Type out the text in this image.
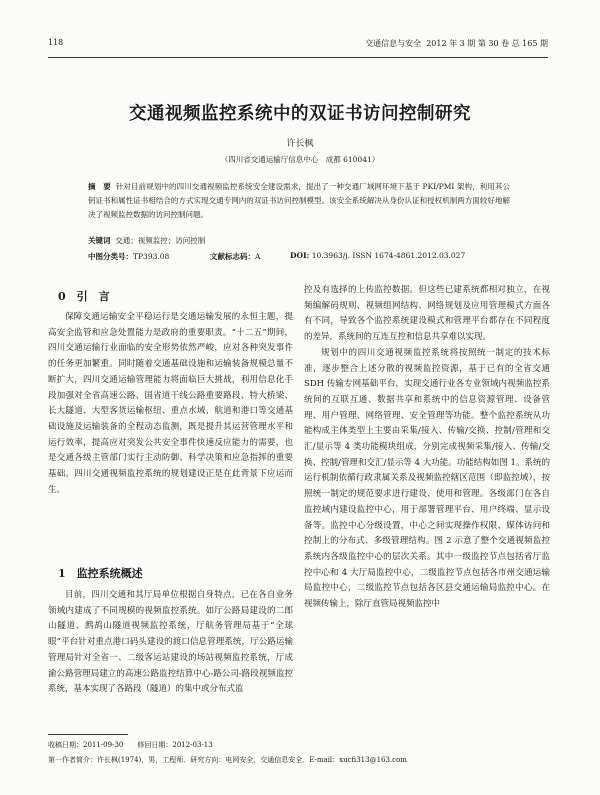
118	交通信息与安全 2012 年 3 期 第 30 卷 总 165 期
交通视频监控系统中的双证书访问控制研究
许长枫
（四川省交通运输厅信息中心　成都 610041）
摘　要 针对目前规划中的四川交通视频监控系统安全建设需求，提出了一种交通厂域网环境下基于 PKI/PMI 架构，利用其公钥证书和属性证书相结合的方式实现交通专网内的双证书访问控制模型。该安全系统解决从身份认证和授权机制两方面较好地解决了视频监控数据的访问控制问题。
关键词 交通；视频监控；访问控制
中图分类号：TP393.08	文献标志码：A	DOI: 10.3963/j. ISSN 1674-4861.2012.03.027
0　引　言
保障交通运输安全平稳运行是交通运输发展的永恒主题，提高安全监管和应急处置能力是政府的重要职责。“十二五”期间，四川交通运输行业面临的安全形势依然严峻，应对各种突发事件的任务更加繁重。同时随着交通基础设施和运输装备规模总量不断扩大，四川交通运输管理能力将面临巨大挑战，利用信息化手段加强对全省高速公路、国省道干线公路重要路段、特大桥梁、长大隧道、大型客货运输枢纽、重点水域、航道和港口等交通基础设施及运输装备的全程动态监测，既是提升其运营管理水平和运行效率，提高应对突发公共安全事件快速反应能力的需要，也是交通各级主管部门实行主动防御、科学决策和应急指挥的重要基础。四川交通视频监控系统的规划建设正是在此背景下应运而生。
1　监控系统概述
目前，四川交通和其厅局单位根据自身特点，已在各自业务领域内建成了不同规模的视频监控系统。如厅公路局建设的二郎山隧道、鹧鸪山隧道视频监控系统，厅航务管理局基于“全球眼”平台针对重点港口码头建设的渡口信息管理系统，厅公路运输管理局针对全省一、二级客运站建设的场站视频监控系统，厅成渝公路管理局建立的高速公路监控结算中心-路公司-路段视频监控系统，基本实现了各路段（隧道）的集中或分布式监
控及有选择的上传监控数据。但这些已建系统都相对独立，在视频编解码规则、视频组网结构、网络规划及应用管理模式方面各有不同，导致各个监控系统建设模式和管理平台都存在不同程度的差异，系统间的互连互控和信息共享难以实现。
规划中的四川交通视频监控系统将按照统一制定的技术标准，逐步整合上述分散的视频监控资源，基于已有的全省交通 SDH 传输专网基础平台，实现交通行业各专业领域内视频监控系统间的互联互通、数据共享和系统中的信息资源管理、设备管理、用户管理、网络管理、安全管理等功能。整个监控系统从功能构成主体类型上主要由采集/接入、传输/交换、控制/管理和交汇/显示等 4 类功能模块组成，分别完成视频采集/接入、传输/交换、控制/管理和交汇/显示等 4 大功能。功能结构如图 1。系统的运行机制依循行政隶属关系及视频监控辖区范围（即监控域），按照统一制定的规范要求进行建设、使用和管理。各级部门在各自监控域内建设监控中心，用于部署管理平台、用户终端、显示设备等。监控中心分级设置，中心之间实现操作权限、媒体访问和控制上的分布式、多级管理结构。图 2 示意了整个交通视频监控系统内各级监控中心的层次关系。其中一级监控节点包括省厅监控中心和 4 大厅局监控中心，二级监控节点包括各市州交通运输局监控中心，二级监控节点包括各区县交通运输局监控中心。在视频传输上，除厅直管局视频监控中
收稿日期：2011-09-30　　修回日期：2012-03-13
第一作者简介：许长枫(1974)，男，工程师．研究方向：电网安全、交通信息安全．E-mail：xucfi313@163.com
